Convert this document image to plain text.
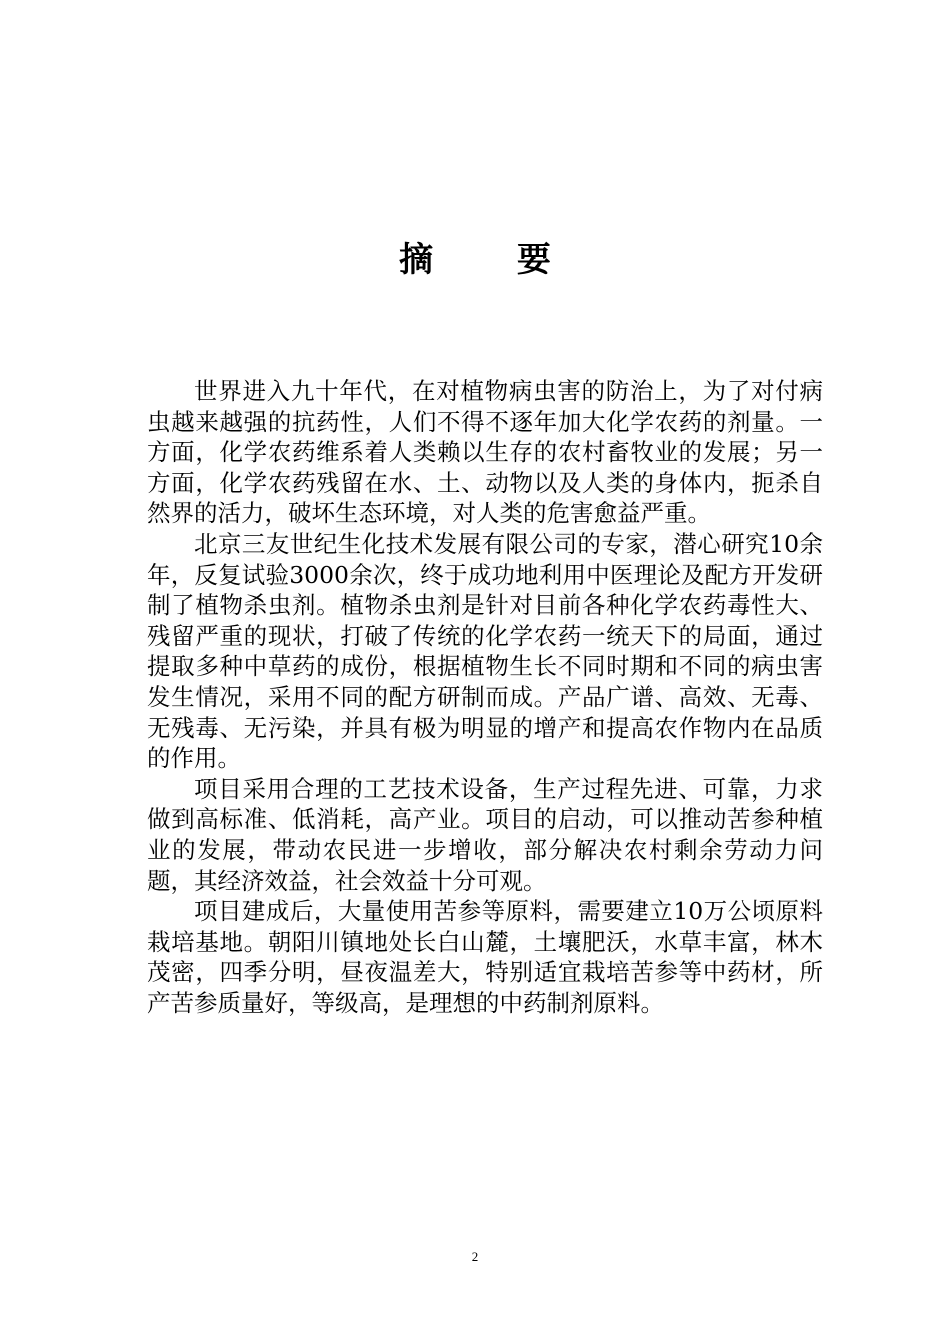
摘 要

世界进入九十年代，在对植物病虫害的防治上，为了对付病虫越来越强的抗药性，人们不得不逐年加大化学农药的剂量。一方面，化学农药维系着人类赖以生存的农村畜牧业的发展；另一方面，化学农药残留在水、土、动物以及人类的身体内，扼杀自然界的活力，破坏生态环境，对人类的危害愈益严重。

北京三友世纪生化技术发展有限公司的专家，潜心研究10余年，反复试验3000余次，终于成功地利用中医理论及配方开发研制了植物杀虫剂。植物杀虫剂是针对目前各种化学农药毒性大、残留严重的现状，打破了传统的化学农药一统天下的局面，通过提取多种中草药的成份，根据植物生长不同时期和不同的病虫害发生情况，采用不同的配方研制而成。产品广谱、高效、无毒、无残毒、无污染，并具有极为明显的增产和提高农作物内在品质的作用。

项目采用合理的工艺技术设备，生产过程先进、可靠，力求做到高标准、低消耗，高产业。项目的启动，可以推动苦参种植业的发展，带动农民进一步增收，部分解决农村剩余劳动力问题，其经济效益，社会效益十分可观。

项目建成后，大量使用苦参等原料，需要建立10万公顷原料栽培基地。朝阳川镇地处长白山麓，土壤肥沃，水草丰富，林木茂密，四季分明，昼夜温差大，特别适宜栽培苦参等中药材，所产苦参质量好，等级高，是理想的中药制剂原料。

2
